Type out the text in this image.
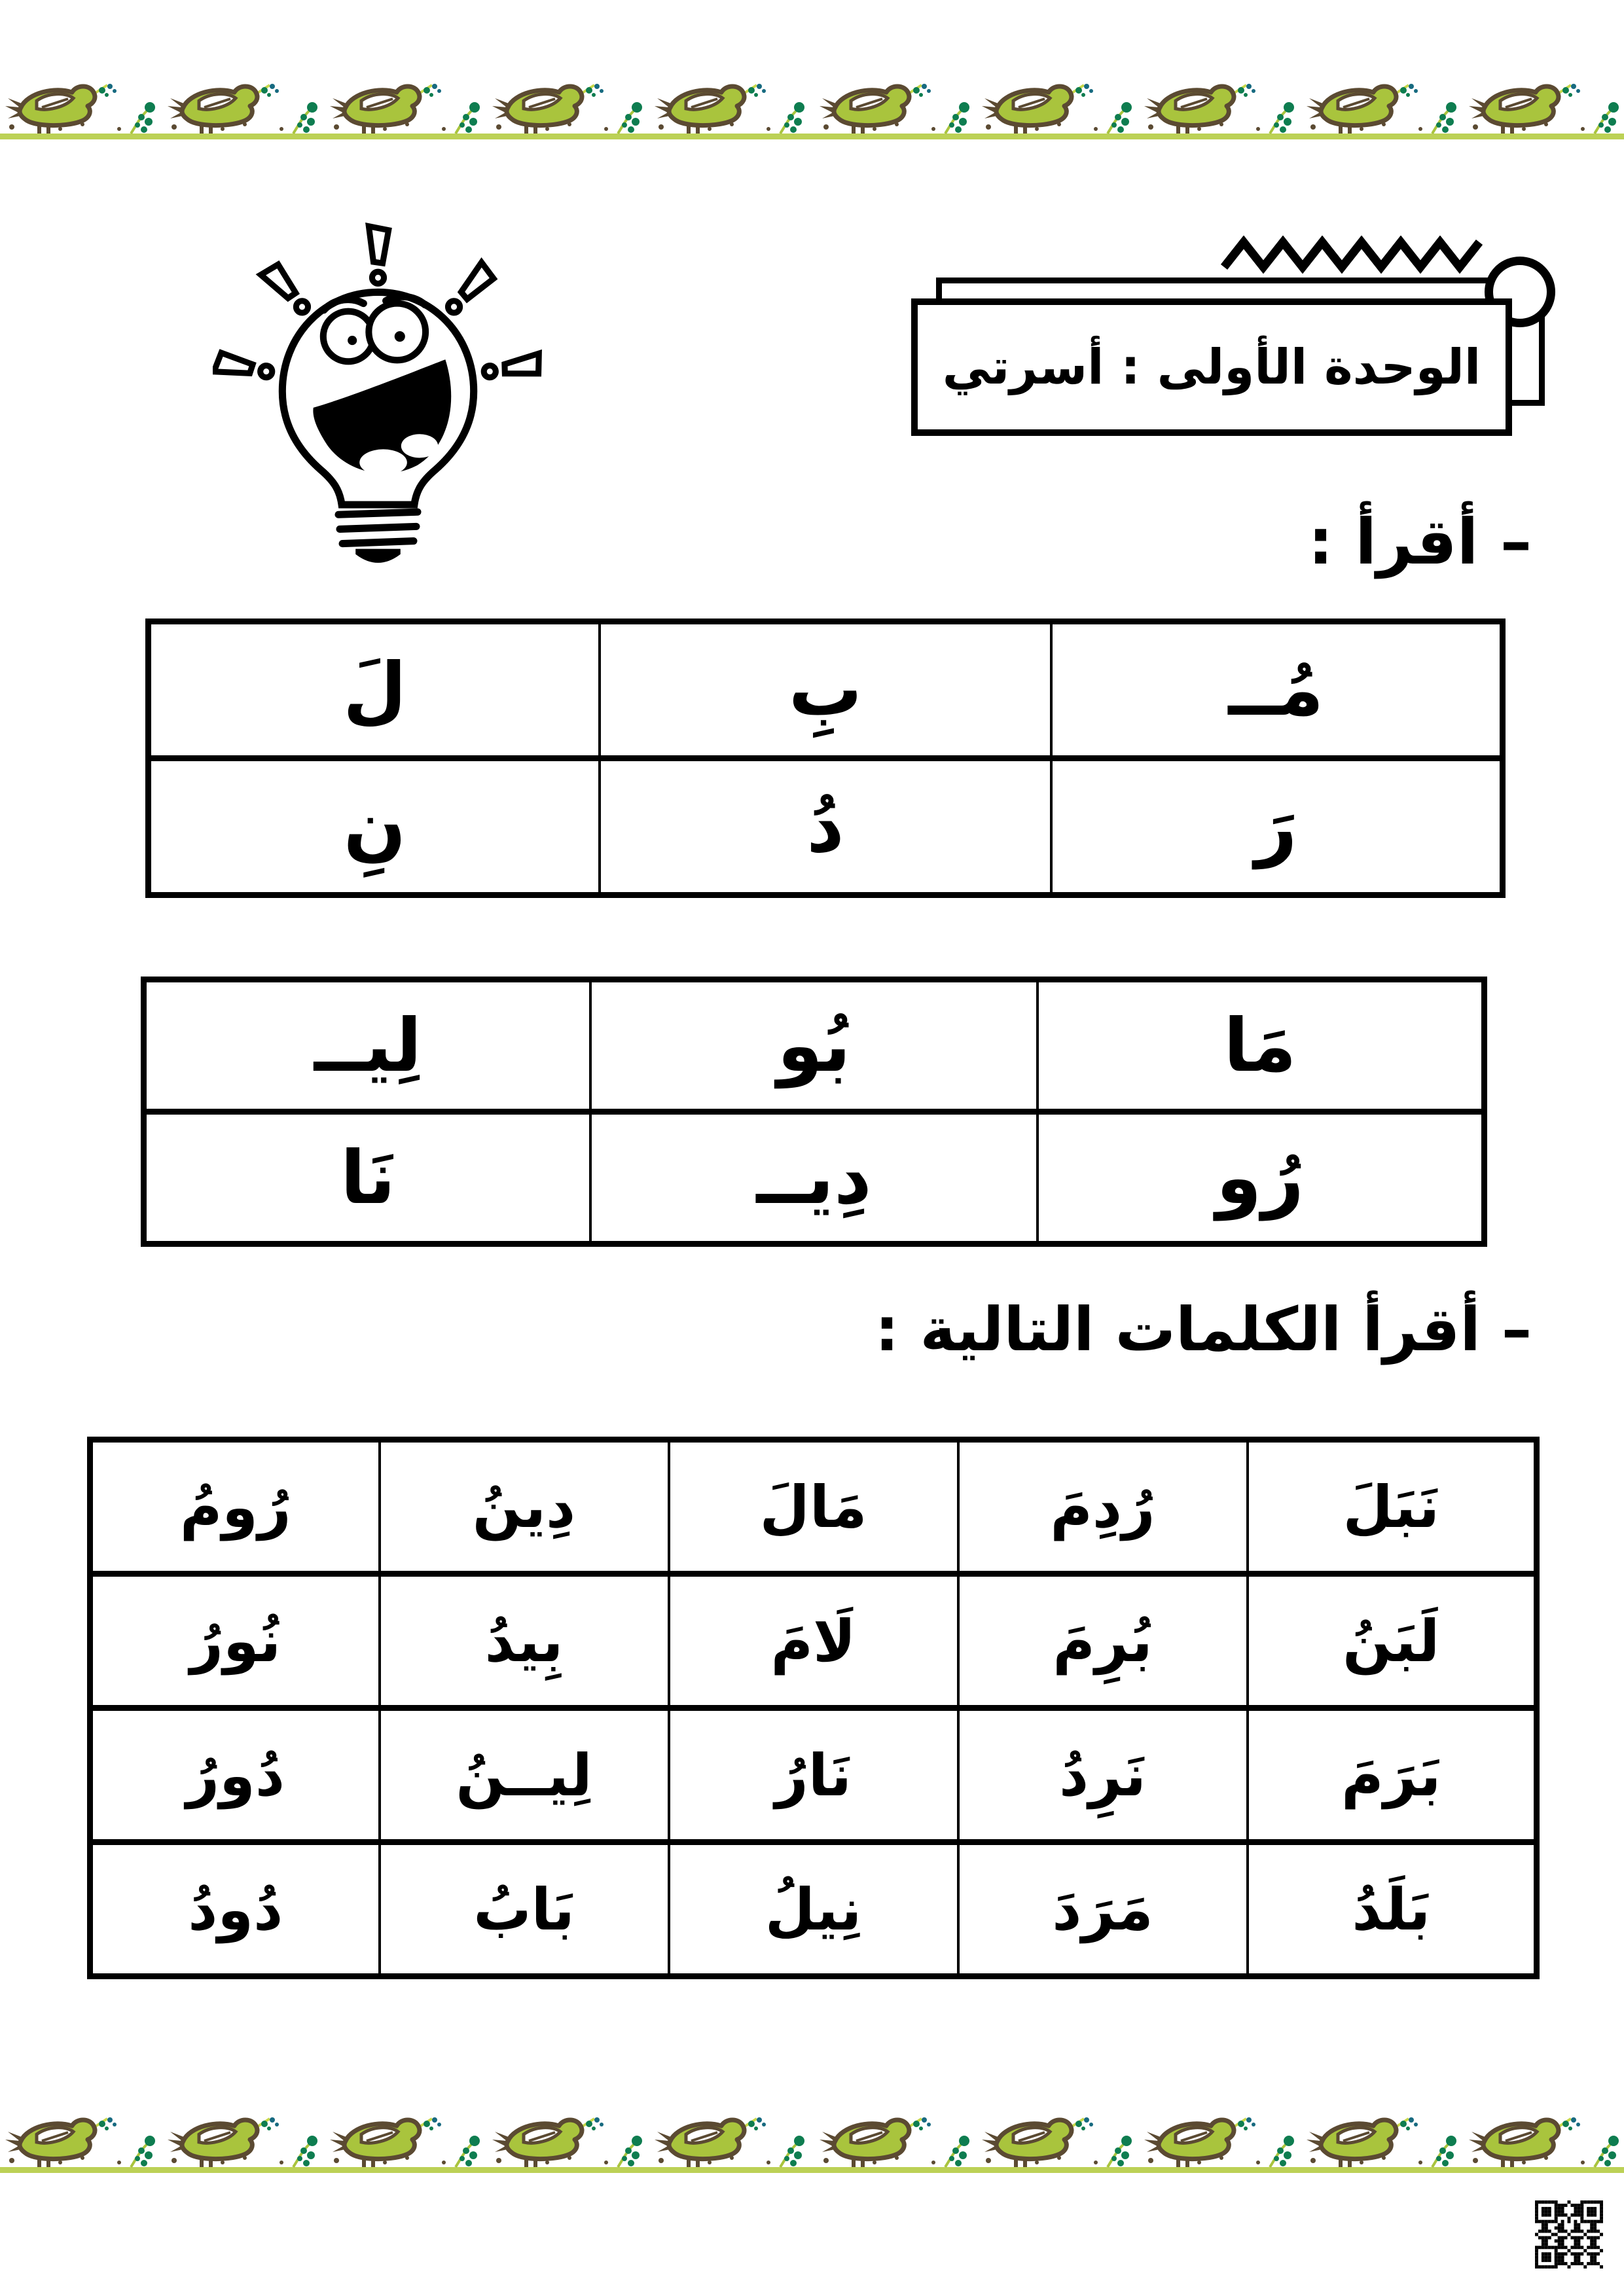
الوحدة الأولى : أسرتي
– أقرأ :
مُــ	بِ	لَ
رَ	دُ	نِ
مَا	بُو	لِيــ
رُو	دِيــ	نَا
– أقرأ الكلمات التالية :
نَبَلَ	رُدِمَ	مَالَ	دِينُ	رُومُ
لَبَنُ	بُرِمَ	لَامَ	بِيدُ	نُورُ
بَرَمَ	نَرِدُ	نَارُ	لِيــنُ	دُورُ
بَلَدُ	مَرَدَ	نِيلُ	بَابُ	دُودُ
